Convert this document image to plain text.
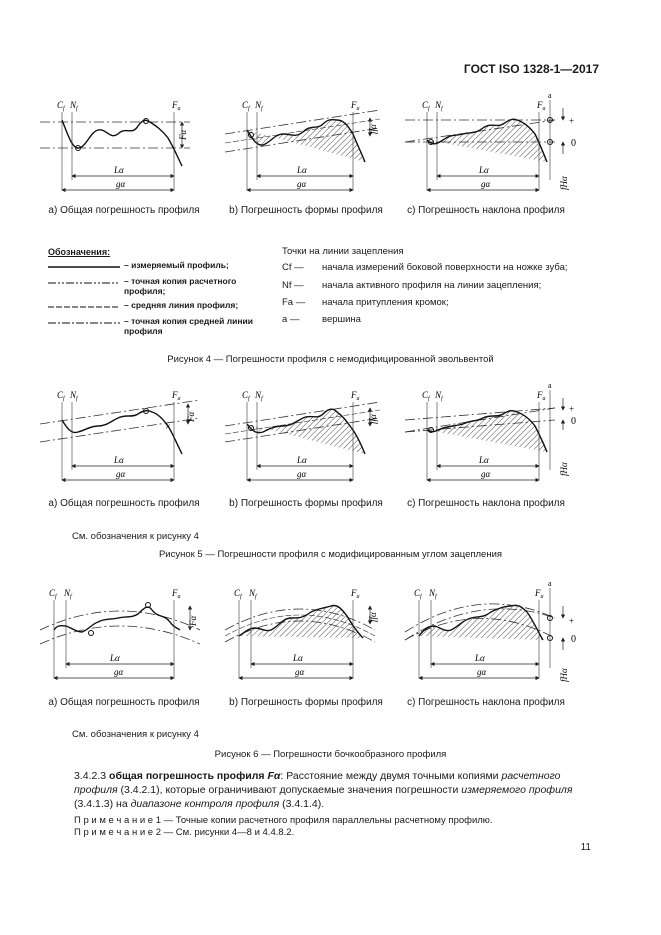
ГОСТ ISO 1328-1—2017
$C_f$ $N_f$	$F_a$
Lα
gα
Fα
$C_f$ $N_f$	$F_a$
Lα
gα
ffα
$C_f$ $N_f$	$F_a$
a
+
0
Lα
gα	fHα
а) Общая погрешность профиля	b) Погрешность формы профиля	с) Погрешность наклона профиля
Обозначения:
– измеряемый профиль;
– точная копия расчетного профиля;
– средняя линия профиля;
– точная копия средней линии профиля
Точки на линии зацепления
Cf —	начала измерений боковой поверхности на ножке зуба;
Nf —	начала активного профиля на линии зацепления;
Fa —	начала притупления кромок;
а —	вершина
Рисунок 4 — Погрешности профиля с немодифицированной эвольвентой
×
$C_f$ $N_f$	$F_a$
Lα
gα
Fα
$C_f$ $N_f$	$F_a$
Lα
gα
ffα
$C_f$ $N_f$	$F_a$
a
+
0
Lα
gα	fHα
а) Общая погрешность профиля	b) Погрешность формы профиля	с) Погрешность наклона профиля
См. обозначения к рисунку 4
Рисунок 5 — Погрешности профиля с модифицированным углом зацепления
$C_f$ $N_f$	$F_a$
Lα
gα
Fα
$C_f$ $N_f$	$F_a$
Lα
gα
ffα
$C_f$ $N_f$	$F_a$
a
+
0
Lα
gα	fHα
а) Общая погрешность профиля	b) Погрешность формы профиля	с) Погрешность наклона профиля
См. обозначения к рисунку 4
Рисунок 6 — Погрешности бочкообразного профиля
3.4.2.3 общая погрешность профиля Fα: Расстояние между двумя точными копиями расчетного профиля (3.4.2.1), которые ограничивают допускаемые значения погрешности измеряемого профиля (3.4.1.3) на диапазоне контроля профиля (3.4.1.4).
П р и м е ч а н и е 1 — Точные копии расчетного профиля параллельны расчетному профилю.
П р и м е ч а н и е 2 — См. рисунки 4—8 и 4.4.8.2.
11
